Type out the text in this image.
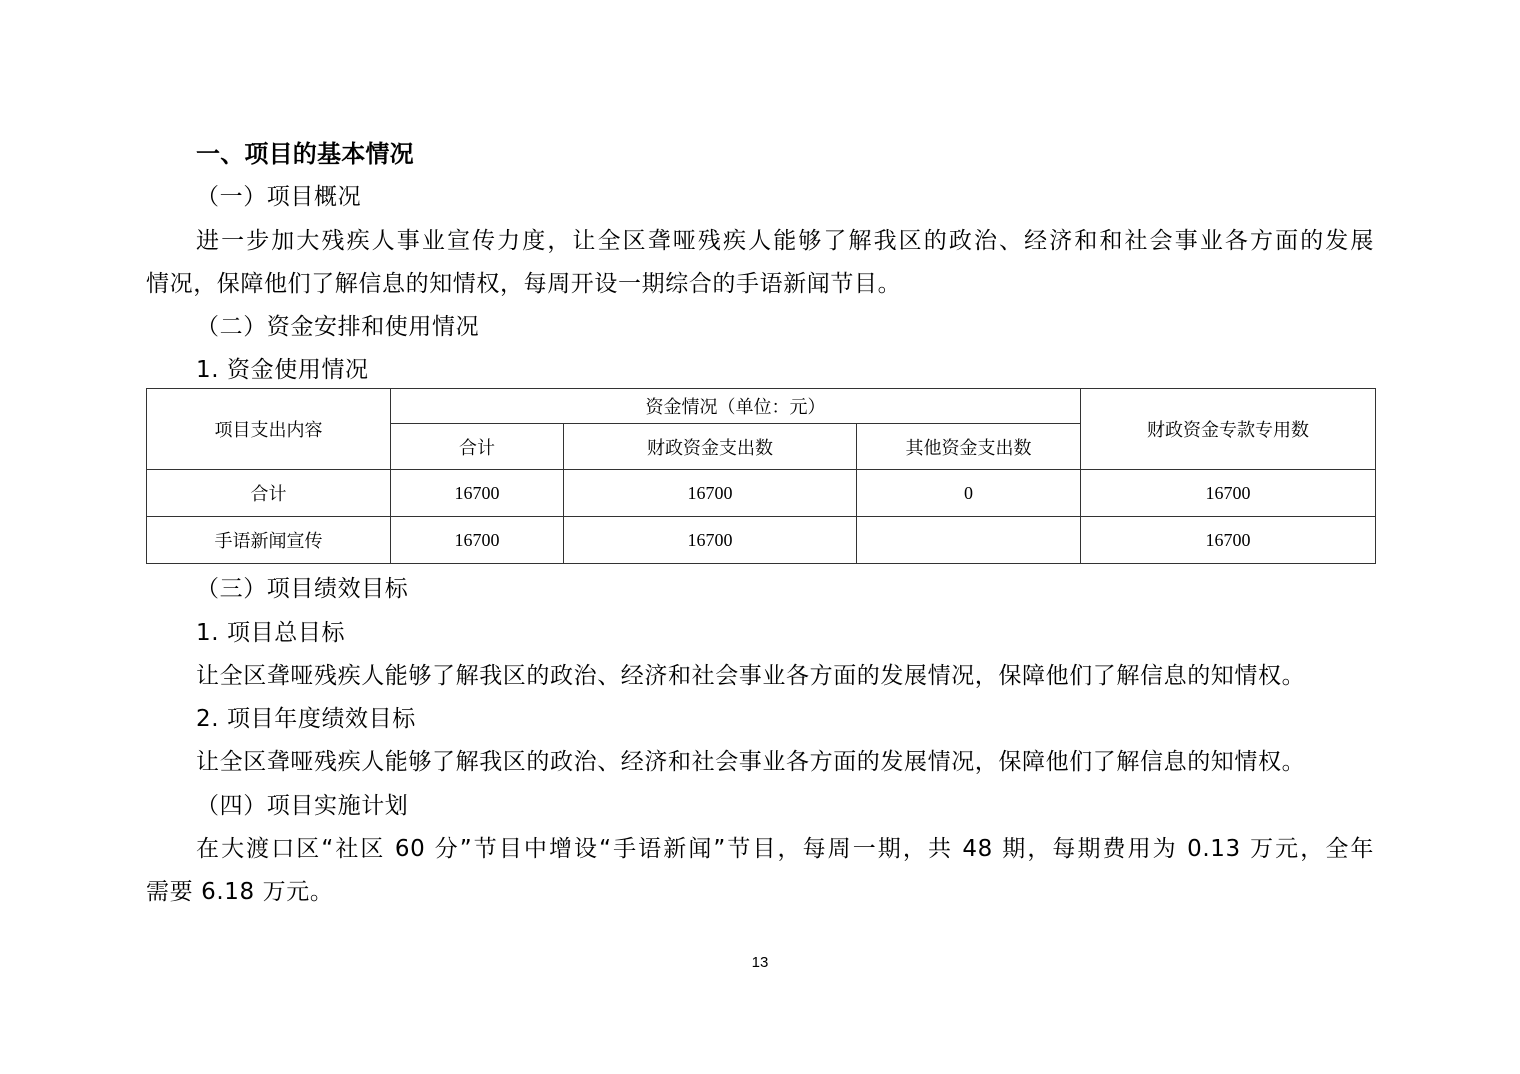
一、项目的基本情况
（一）项目概况
进一步加大残疾人事业宣传力度，让全区聋哑残疾人能够了解我区的政治、经济和和社会事业各方面的发展
情况，保障他们了解信息的知情权，每周开设一期综合的手语新闻节目。
（二）资金安排和使用情况
1. 资金使用情况
项目支出内容	资金情况（单位：元）			财政资金专款专用数
	合计	财政资金支出数	其他资金支出数	
合计	16700	16700	0	16700
手语新闻宣传	16700	16700		16700
（三）项目绩效目标
1. 项目总目标
让全区聋哑残疾人能够了解我区的政治、经济和社会事业各方面的发展情况，保障他们了解信息的知情权。
2. 项目年度绩效目标
让全区聋哑残疾人能够了解我区的政治、经济和社会事业各方面的发展情况，保障他们了解信息的知情权。
（四）项目实施计划
在大渡口区“社区 60 分”节目中增设“手语新闻”节目，每周一期，共 48 期，每期费用为 0.13 万元，全年
需要 6.18 万元。
13
